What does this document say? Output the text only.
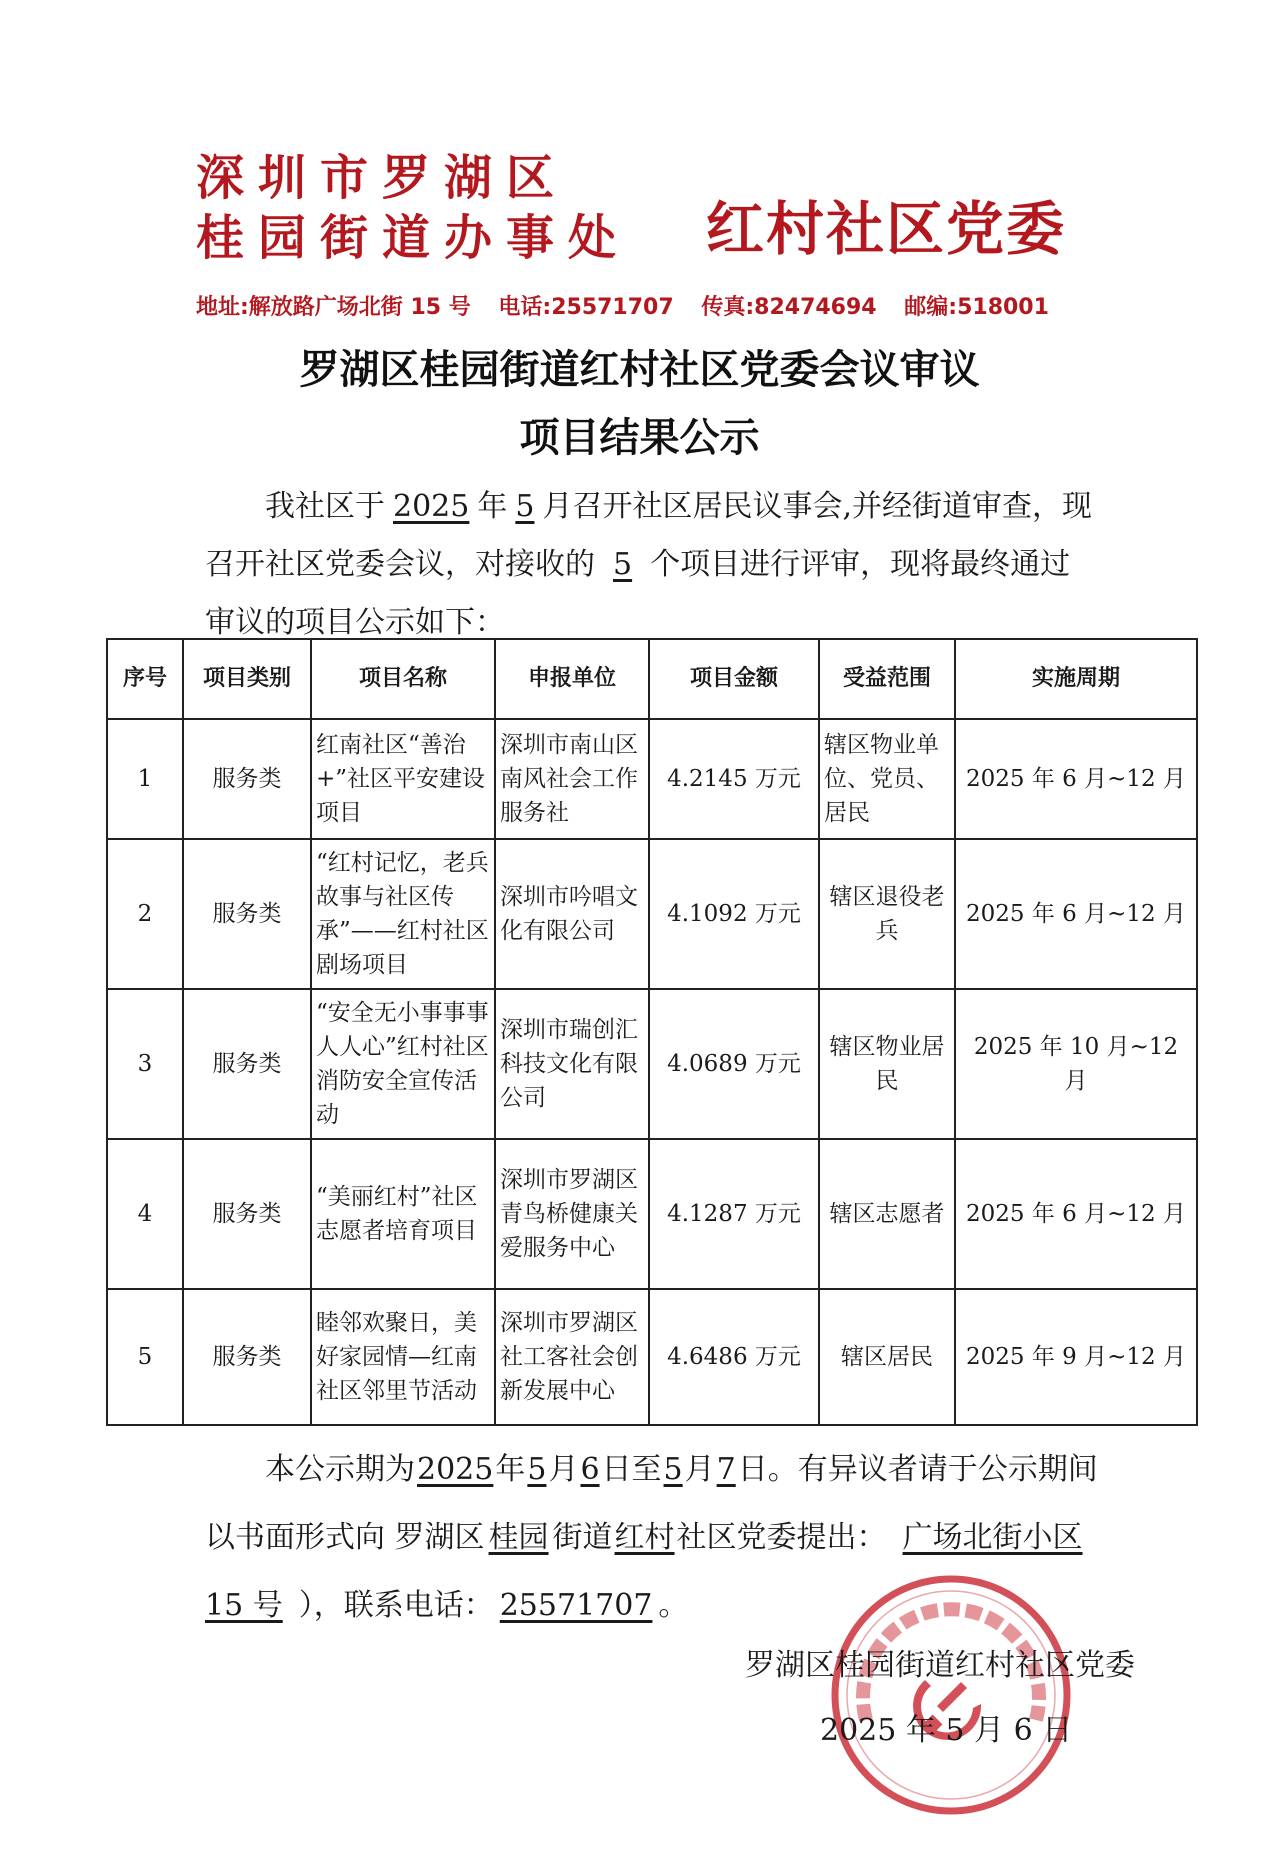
深圳市罗湖区
桂园街道办事处 红村社区党委
地址:解放路广场北街 15 号 电话:25571707 传真:82474694 邮编:518001
罗湖区桂园街道红村社区党委会议审议
项目结果公示
我社区于 2025 年 5 月召开社区居民议事会,并经街道审查，现召开社区党委会议，对接收的 5 个项目进行评审，现将最终通过审议的项目公示如下：
序号	项目类别	项目名称	申报单位	项目金额	受益范围	实施周期
1	服务类	红南社区“善治+”社区平安建设项目	深圳市南山区南风社会工作服务社	4.2145 万元	辖区物业单位、党员、居民	2025 年 6 月~12 月
2	服务类	“红村记忆，老兵故事与社区传承”——红村社区剧场项目	深圳市吟唱文化有限公司	4.1092 万元	辖区退役老兵	2025 年 6 月~12 月
3	服务类	“安全无小事事事人人心”红村社区消防安全宣传活动	深圳市瑞创汇科技文化有限公司	4.0689 万元	辖区物业居民	2025 年 10 月~12 月
4	服务类	“美丽红村”社区志愿者培育项目	深圳市罗湖区青鸟桥健康关爱服务中心	4.1287 万元	辖区志愿者	2025 年 6 月~12 月
5	服务类	睦邻欢聚日，美好家园情—红南社区邻里节活动	深圳市罗湖区社工客社会创新发展中心	4.6486 万元	辖区居民	2025 年 9 月~12 月
本公示期为2025年5月6日至5月7日。有异议者请于公示期间以书面形式向 罗湖区 桂园 街道红村社区党委提出： 广场北街小区 15 号 ），联系电话： 25571707 。
罗湖区桂园街道红村社区党委
2025 年 5 月 6 日
